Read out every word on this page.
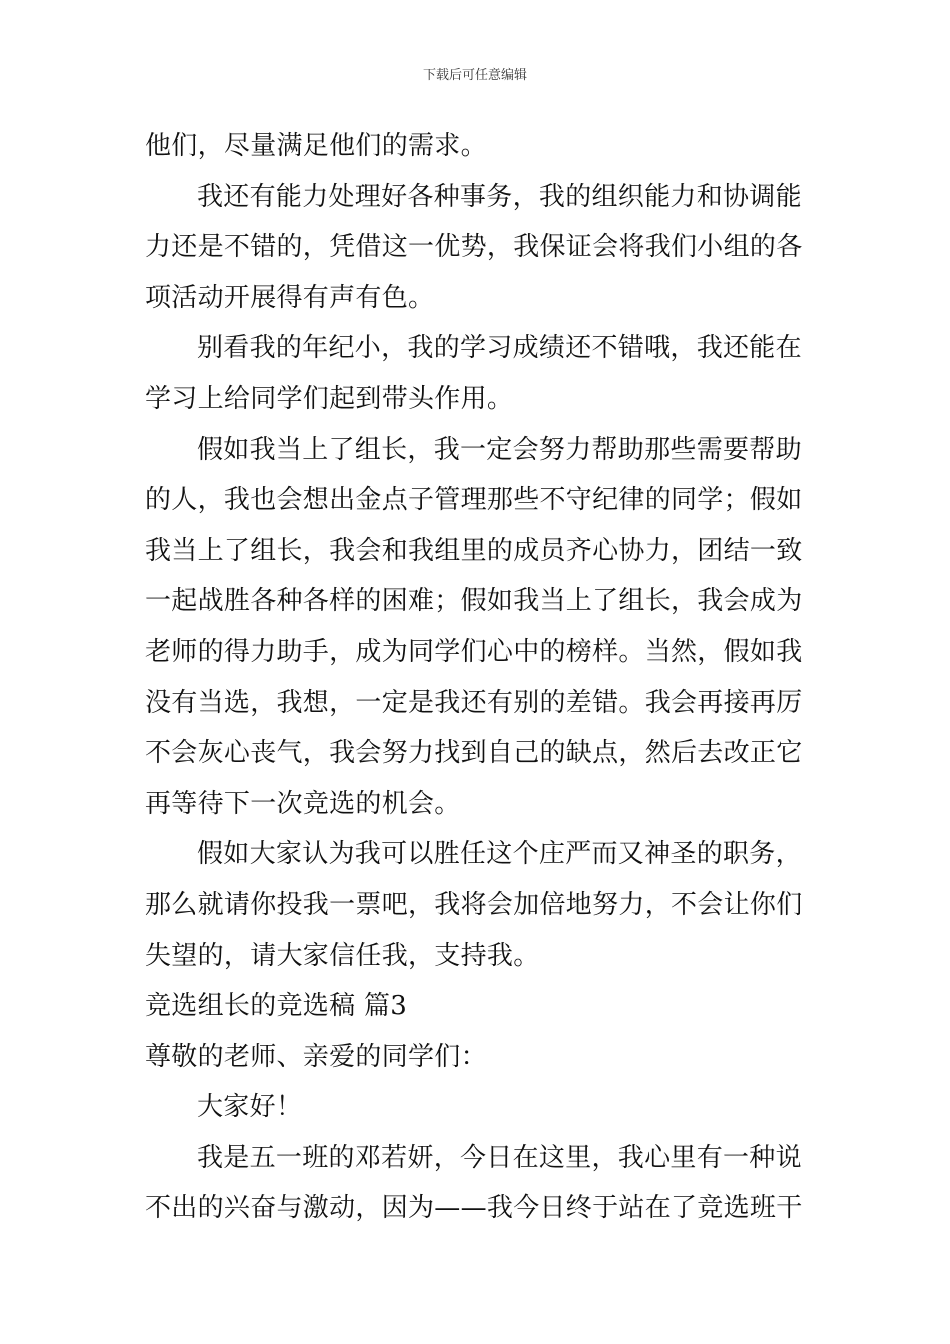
下载后可任意编辑
他们，尽量满足他们的需求。
我还有能力处理好各种事务，我的组织能力和协调能
力还是不错的，凭借这一优势，我保证会将我们小组的各
项活动开展得有声有色。
别看我的年纪小，我的学习成绩还不错哦，我还能在
学习上给同学们起到带头作用。
假如我当上了组长，我一定会努力帮助那些需要帮助
的人，我也会想出金点子管理那些不守纪律的同学；假如
我当上了组长，我会和我组里的成员齐心协力，团结一致
一起战胜各种各样的困难；假如我当上了组长，我会成为
老师的得力助手，成为同学们心中的榜样。当然，假如我
没有当选，我想，一定是我还有别的差错。我会再接再厉
不会灰心丧气，我会努力找到自己的缺点，然后去改正它
再等待下一次竞选的机会。
假如大家认为我可以胜任这个庄严而又神圣的职务，
那么就请你投我一票吧，我将会加倍地努力，不会让你们
失望的，请大家信任我，支持我。
竞选组长的竞选稿 篇3
尊敬的老师、亲爱的同学们：
大家好！
我是五一班的邓若妍，今日在这里，我心里有一种说
不出的兴奋与激动，因为——我今日终于站在了竞选班干
